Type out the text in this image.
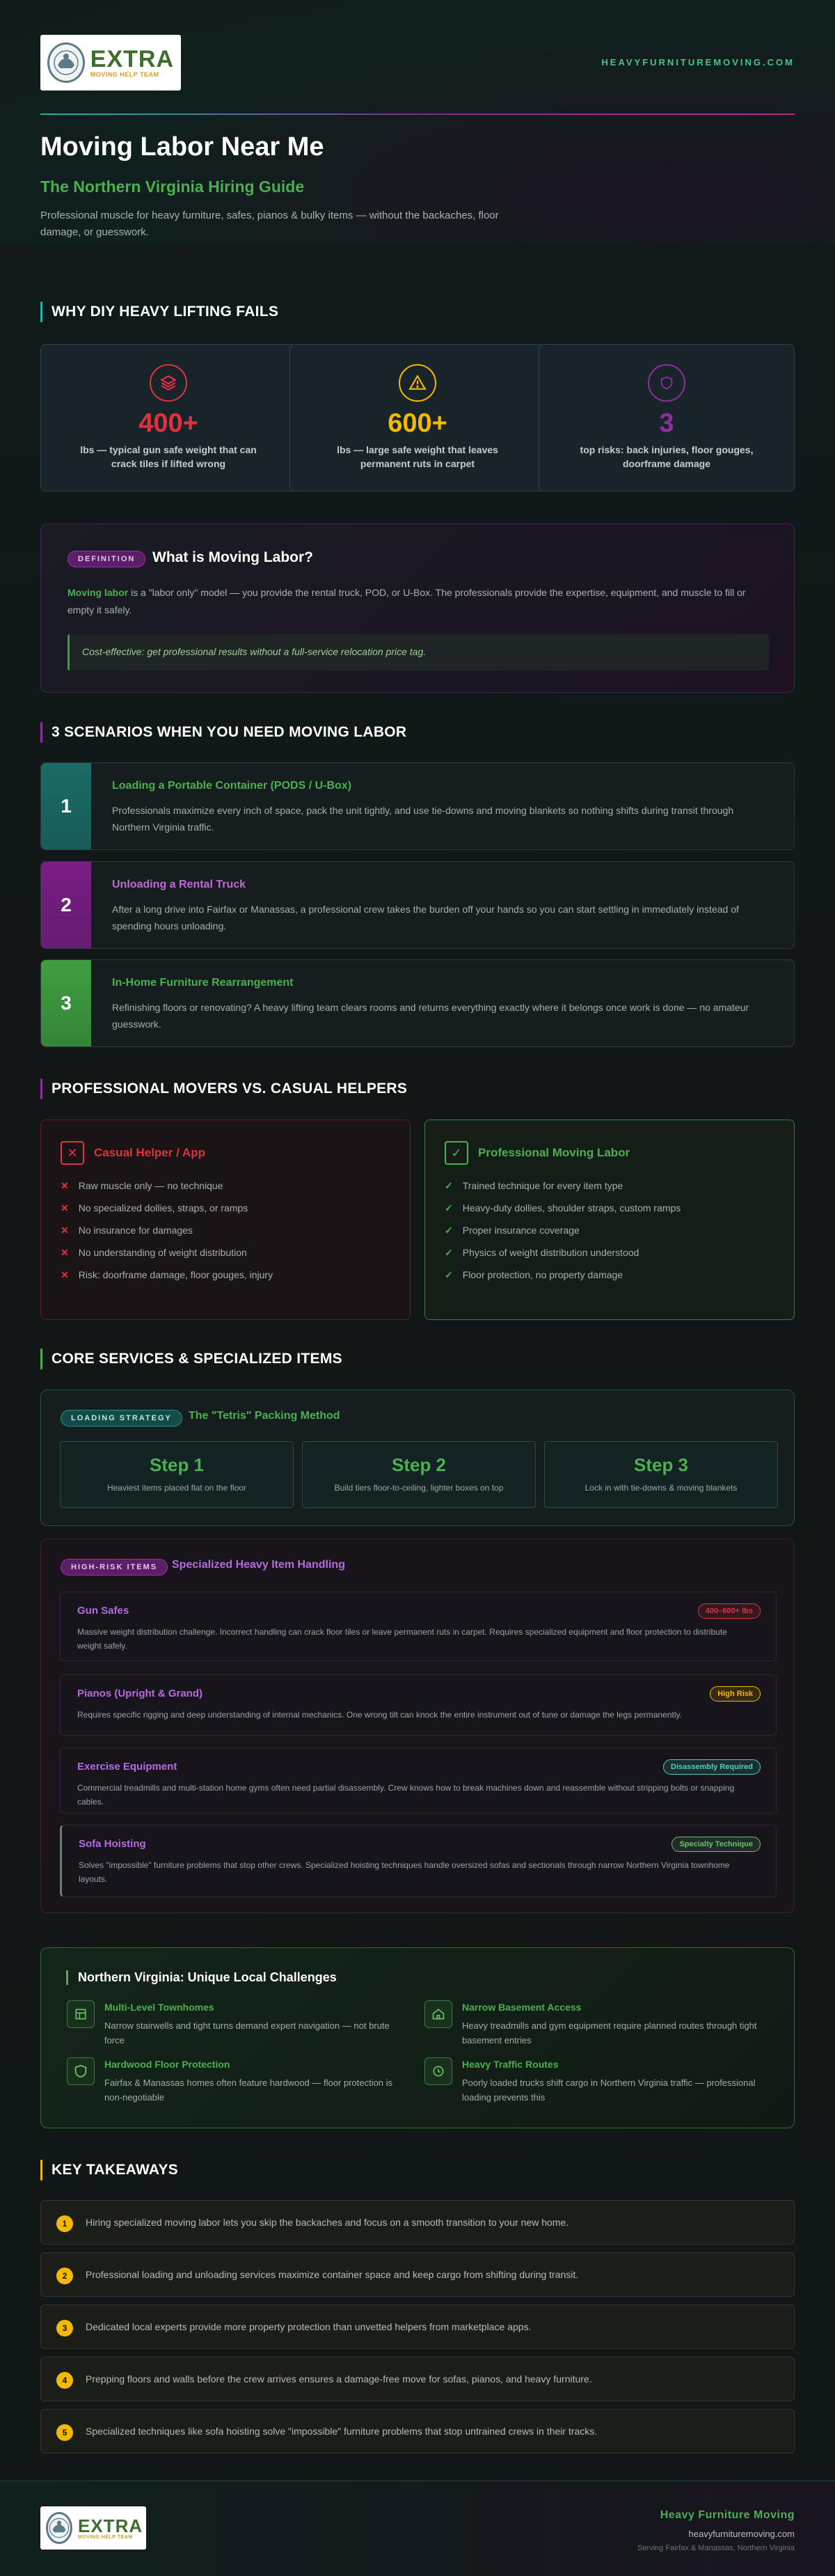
EXTRA
MOVING HELP TEAM
HEAVYFURNITUREMOVING.COM
Moving Labor Near Me
The Northern Virginia Hiring Guide

Professional muscle for heavy furniture, safes, pianos & bulky items — without the backaches, floor damage, or guesswork.

WHY DIY HEAVY LIFTING FAILS
DEFINITION	What is Moving Labor?

Moving labor is a "labor only" model — you provide the rental truck, POD, or U-Box. The professionals provide the expertise, equipment, and muscle to fill or empty it safely.

Cost-effective: get professional results without a full-service relocation price tag.
3 SCENARIOS WHEN YOU NEED MOVING LABOR
PROFESSIONAL MOVERS VS. CASUAL HELPERS
✕	Casual Helper / App
✕ Raw muscle only — no technique
✕ No specialized dollies, straps, or ramps
✕ No insurance for damages
✕ No understanding of weight distribution
✕ Risk: doorframe damage, floor gouges, injury
✓	Professional Moving Labor
✓ Trained technique for every item type
✓ Heavy-duty dollies, shoulder straps, custom ramps
✓ Proper insurance coverage
✓ Physics of weight distribution understood
✓ Floor protection, no property damage
CORE SERVICES & SPECIALIZED ITEMS
LOADING STRATEGY	The "Tetris" Packing Method
HIGH-RISK ITEMS	Specialized Heavy Item Handling
Northern Virginia: Unique Local Challenges
KEY TAKEAWAYS
EXTRA
MOVING HELP TEAM
Heavy Furniture Moving
heavyfurnituremoving.com
Serving Fairfax & Manassas, Northern Virginia
400+
lbs — typical gun safe weight that can crack tiles if lifted wrong
600+
lbs — large safe weight that leaves permanent ruts in carpet
3
top risks: back injuries, floor gouges, doorframe damage
1
Loading a Portable Container (PODS / U-Box)

Professionals maximize every inch of space, pack the unit tightly, and use tie-downs and moving blankets so nothing shifts during transit through Northern Virginia traffic.

2
Unloading a Rental Truck

After a long drive into Fairfax or Manassas, a professional crew takes the burden off your hands so you can start settling in immediately instead of spending hours unloading.

3
In-Home Furniture Rearrangement

Refinishing floors or renovating? A heavy lifting team clears rooms and returns everything exactly where it belongs once work is done — no amateur guesswork.

Step 1
Heaviest items placed flat on the floor
Step 2
Build tiers floor-to-ceiling, lighter boxes on top
Step 3
Lock in with tie-downs & moving blankets
Gun Safes	400–600+ lbs

Massive weight distribution challenge. Incorrect handling can crack floor tiles or leave permanent ruts in carpet. Requires specialized equipment and floor protection to distribute weight safely.

Pianos (Upright & Grand)	High Risk

Requires specific rigging and deep understanding of internal mechanics. One wrong tilt can knock the entire instrument out of tune or damage the legs permanently.

Exercise Equipment	Disassembly Required

Commercial treadmills and multi-station home gyms often need partial disassembly. Crew knows how to break machines down and reassemble without stripping bolts or snapping cables.

Sofa Hoisting	Specialty Technique

Solves "impossible" furniture problems that stop other crews. Specialized hoisting techniques handle oversized sofas and sectionals through narrow Northern Virginia townhome layouts.

Multi-Level Townhomes

Narrow stairwells and tight turns demand expert navigation — not brute force

Narrow Basement Access

Heavy treadmills and gym equipment require planned routes through tight basement entries

Hardwood Floor Protection

Fairfax & Manassas homes often feature hardwood — floor protection is non-negotiable

Heavy Traffic Routes

Poorly loaded trucks shift cargo in Northern Virginia traffic — professional loading prevents this

1	Hiring specialized moving labor lets you skip the backaches and focus on a smooth transition to your new home.
2	Professional loading and unloading services maximize container space and keep cargo from shifting during transit.
3	Dedicated local experts provide more property protection than unvetted helpers from marketplace apps.
4	Prepping floors and walls before the crew arrives ensures a damage-free move for sofas, pianos, and heavy furniture.
5	Specialized techniques like sofa hoisting solve "impossible" furniture problems that stop untrained crews in their tracks.
